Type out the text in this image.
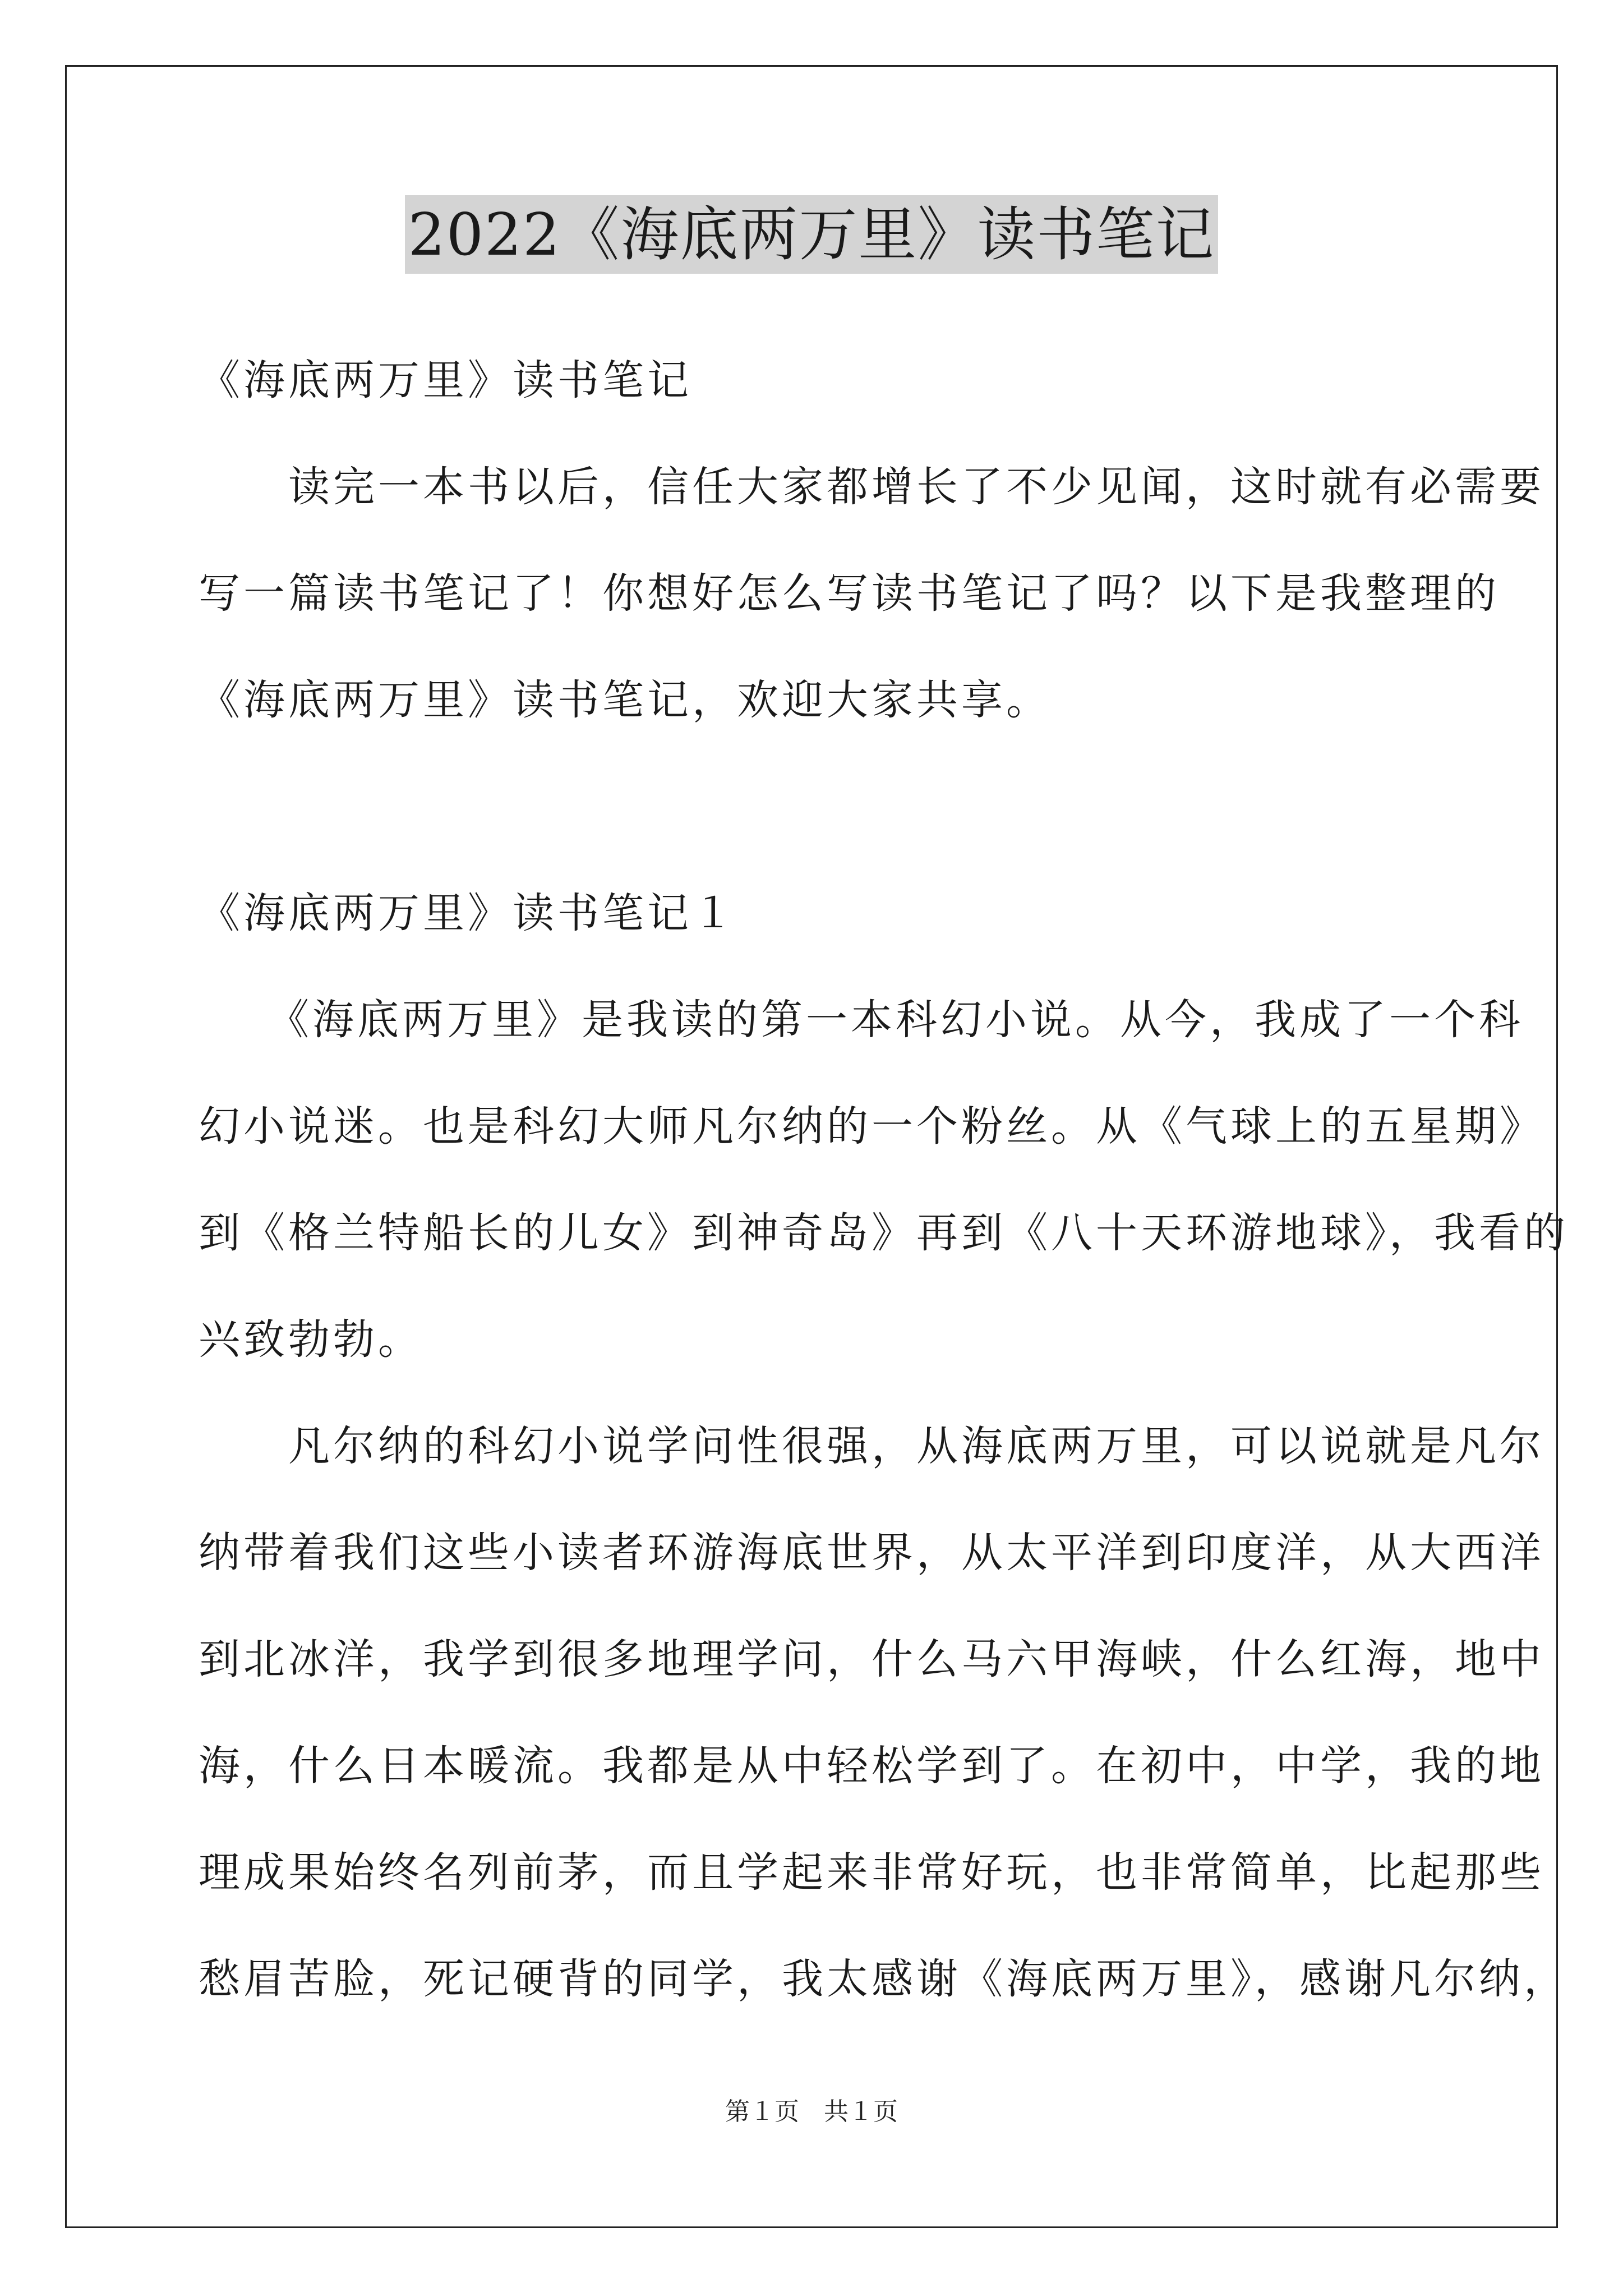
2022《海底两万里》读书笔记
《海底两万里》读书笔记
　　读完一本书以后，信任大家都增长了不少见闻，这时就有必需要
写一篇读书笔记了！你想好怎么写读书笔记了吗？以下是我整理的
《海底两万里》读书笔记，欢迎大家共享。
《海底两万里》读书笔记１
　　《海底两万里》是我读的第一本科幻小说。从今，我成了一个科
幻小说迷。也是科幻大师凡尔纳的一个粉丝。从《气球上的五星期》
到《格兰特船长的儿女》到神奇岛》再到《八十天环游地球》，我看的
兴致勃勃。
　　凡尔纳的科幻小说学问性很强，从海底两万里，可以说就是凡尔
纳带着我们这些小读者环游海底世界，从太平洋到印度洋，从大西洋
到北冰洋，我学到很多地理学问，什么马六甲海峡，什么红海，地中
海，什么日本暖流。我都是从中轻松学到了。在初中，中学，我的地
理成果始终名列前茅，而且学起来非常好玩，也非常简单，比起那些
愁眉苦脸，死记硬背的同学，我太感谢《海底两万里》，感谢凡尔纳，
第１页　共１页
